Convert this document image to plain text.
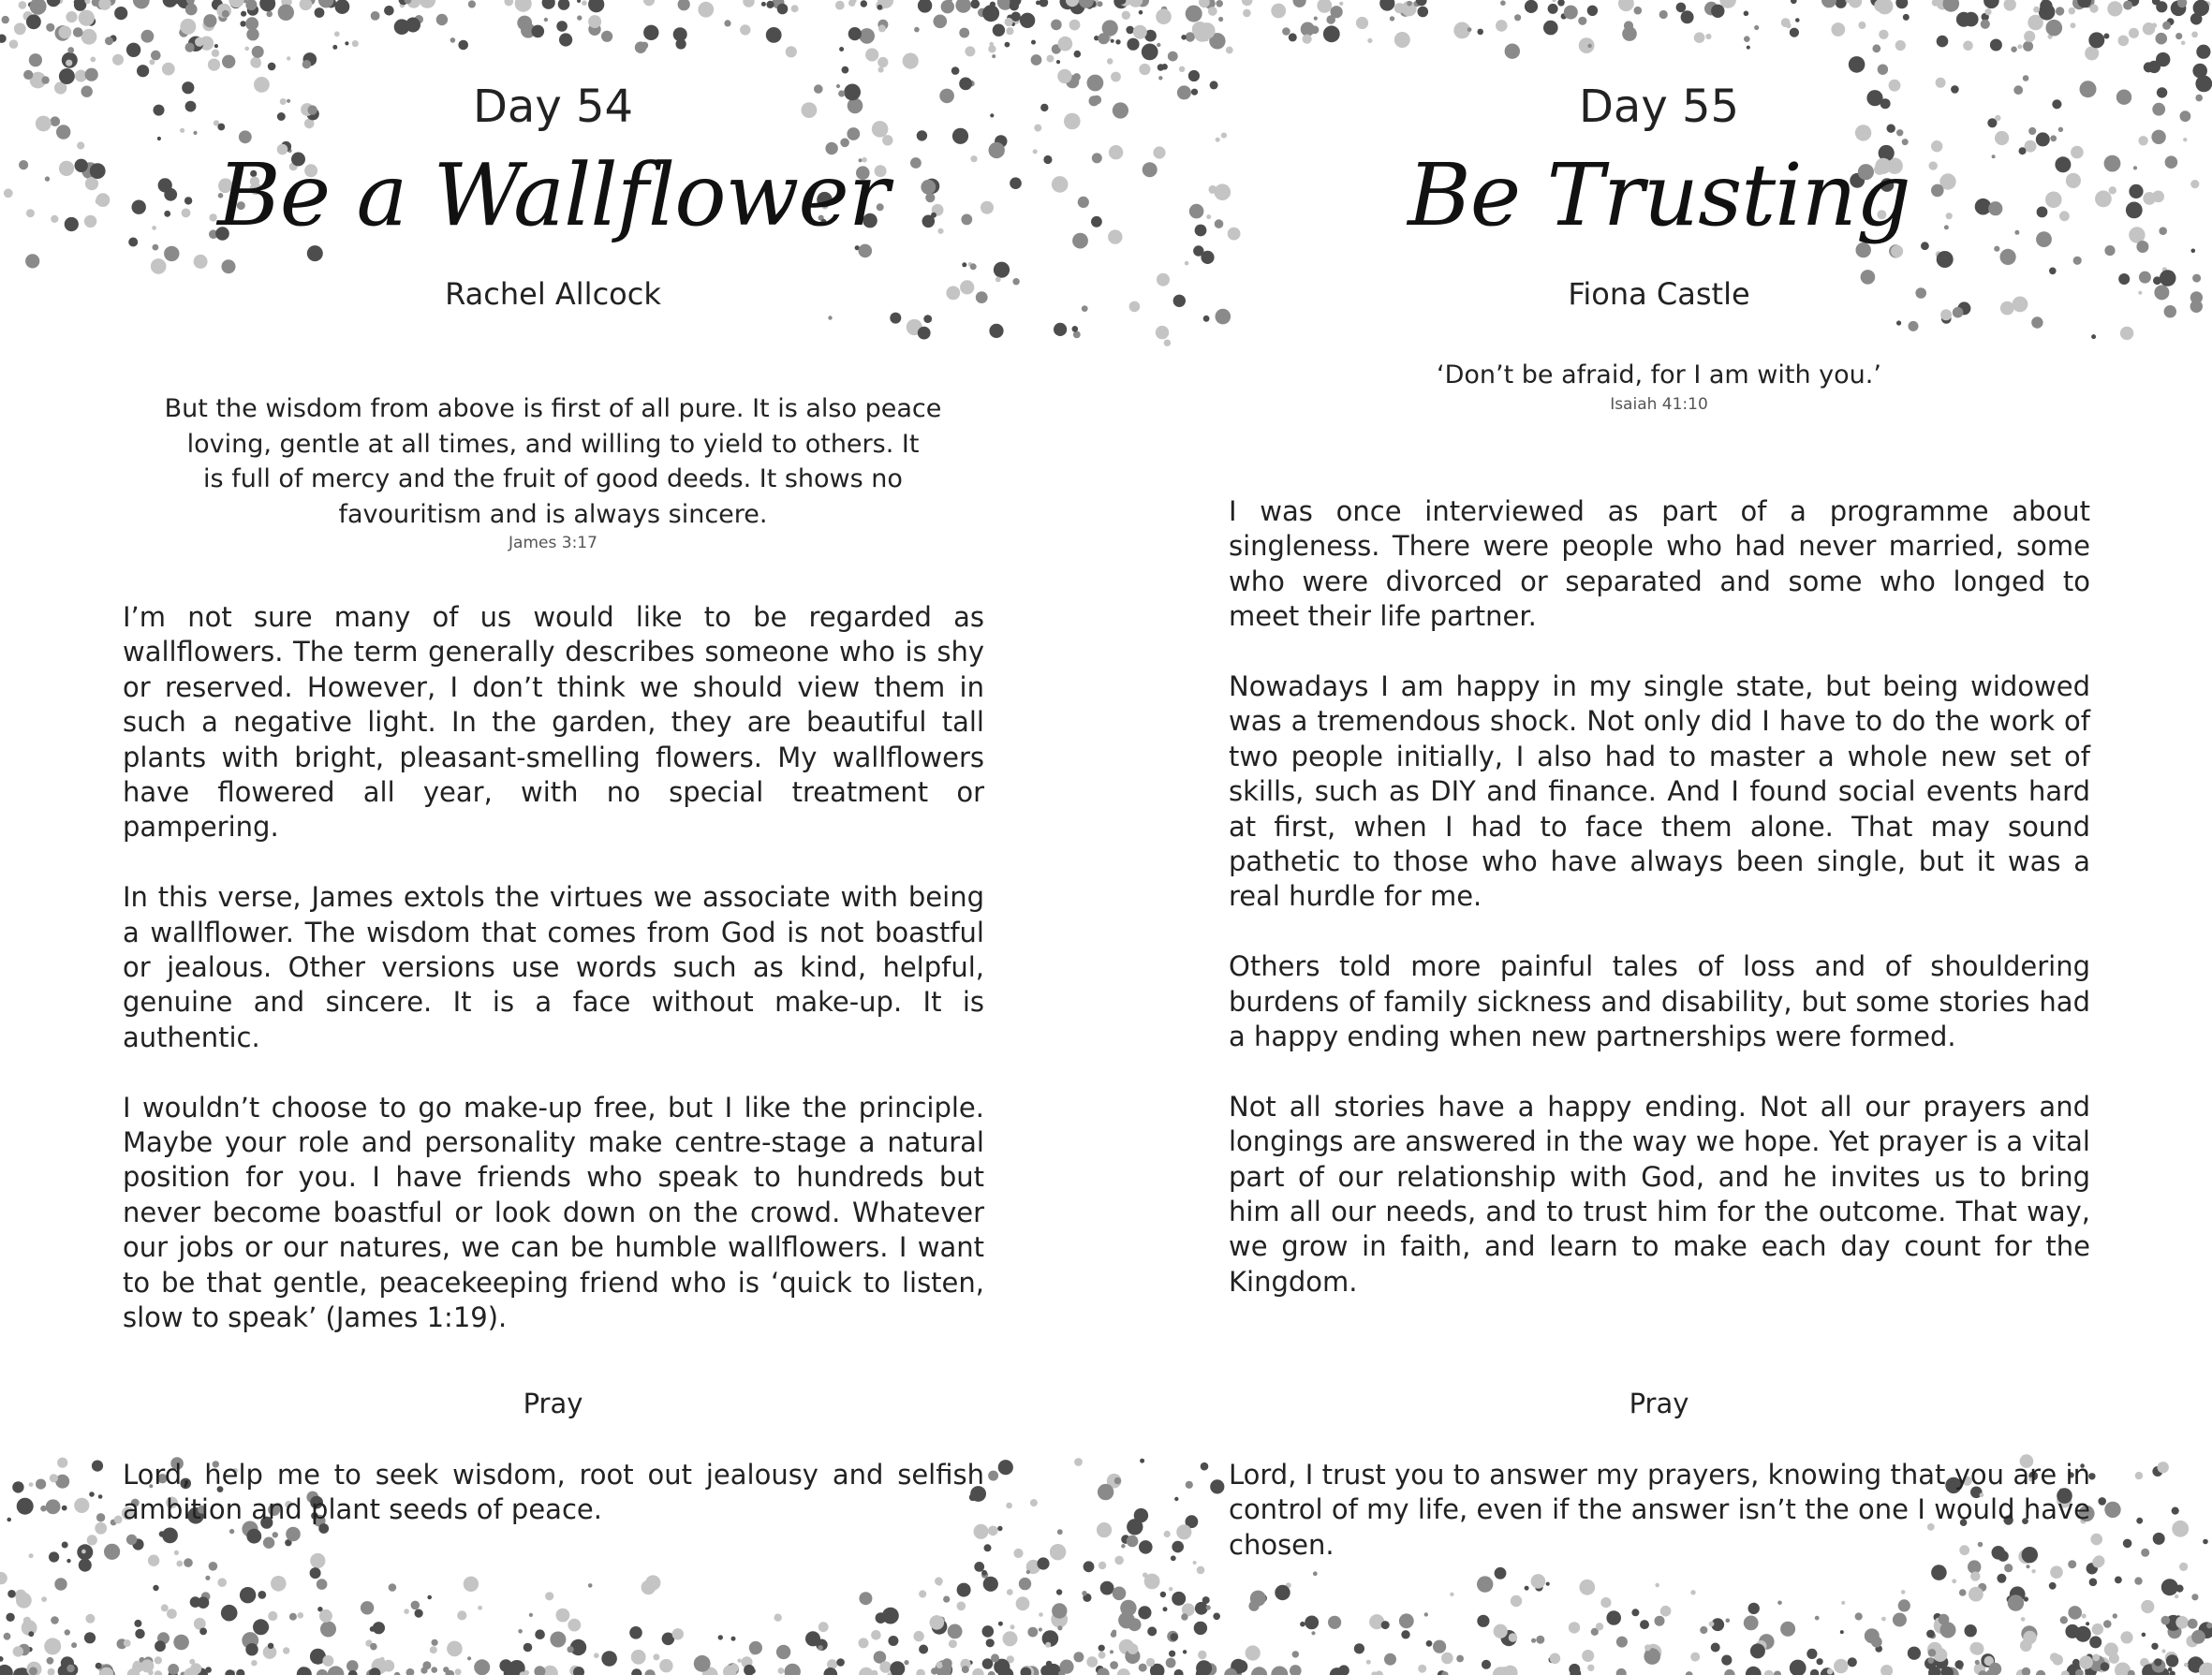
Day 54
Be a Wallflower
Rachel Allcock
But the wisdom from above is first of all pure. It is also peace
loving, gentle at all times, and willing to yield to others. It
is full of mercy and the fruit of good deeds. It shows no
favouritism and is always sincere.
James 3:17

I’m not sure many of us would like to be regarded as wallflowers. The term generally describes someone who is shy or reserved. However, I don’t think we should view them in such a negative light. In the garden, they are beautiful tall plants with bright, pleasant-smelling flowers. My wallflowers have flowered all year, with no special treatment or pampering.

In this verse, James extols the virtues we associate with being a wallflower. The wisdom that comes from God is not boastful or jealous. Other versions use words such as kind, helpful, genuine and sincere. It is a face without make-up. It is authentic.

I wouldn’t choose to go make-up free, but I like the principle. Maybe your role and personality make centre-stage a natural position for you. I have friends who speak to hundreds but never become boastful or look down on the crowd. Whatever our jobs or our natures, we can be humble wallflowers. I want to be that gentle, peacekeeping friend who is ‘quick to listen, slow to speak’ (James 1:19).

Pray
Lord, help me to seek wisdom, root out jealousy and selfish ambition and plant seeds of peace.
Day 55
Be Trusting
Fiona Castle
‘Don’t be afraid, for I am with you.’
Isaiah 41:10

I was once interviewed as part of a programme about singleness. There were people who had never married, some who were divorced or separated and some who longed to meet their life partner.

Nowadays I am happy in my single state, but being widowed was a tremendous shock. Not only did I have to do the work of two people initially, I also had to master a whole new set of skills, such as DIY and finance. And I found social events hard at first, when I had to face them alone. That may sound pathetic to those who have always been single, but it was a real hurdle for me.

Others told more painful tales of loss and of shouldering burdens of family sickness and disability, but some stories had a happy ending when new partnerships were formed.

Not all stories have a happy ending. Not all our prayers and longings are answered in the way we hope. Yet prayer is a vital part of our relationship with God, and he invites us to bring him all our needs, and to trust him for the outcome. That way, we grow in faith, and learn to make each day count for the Kingdom.

Pray
Lord, I trust you to answer my prayers, knowing that you are in control of my life, even if the answer isn’t the one I would have chosen.
